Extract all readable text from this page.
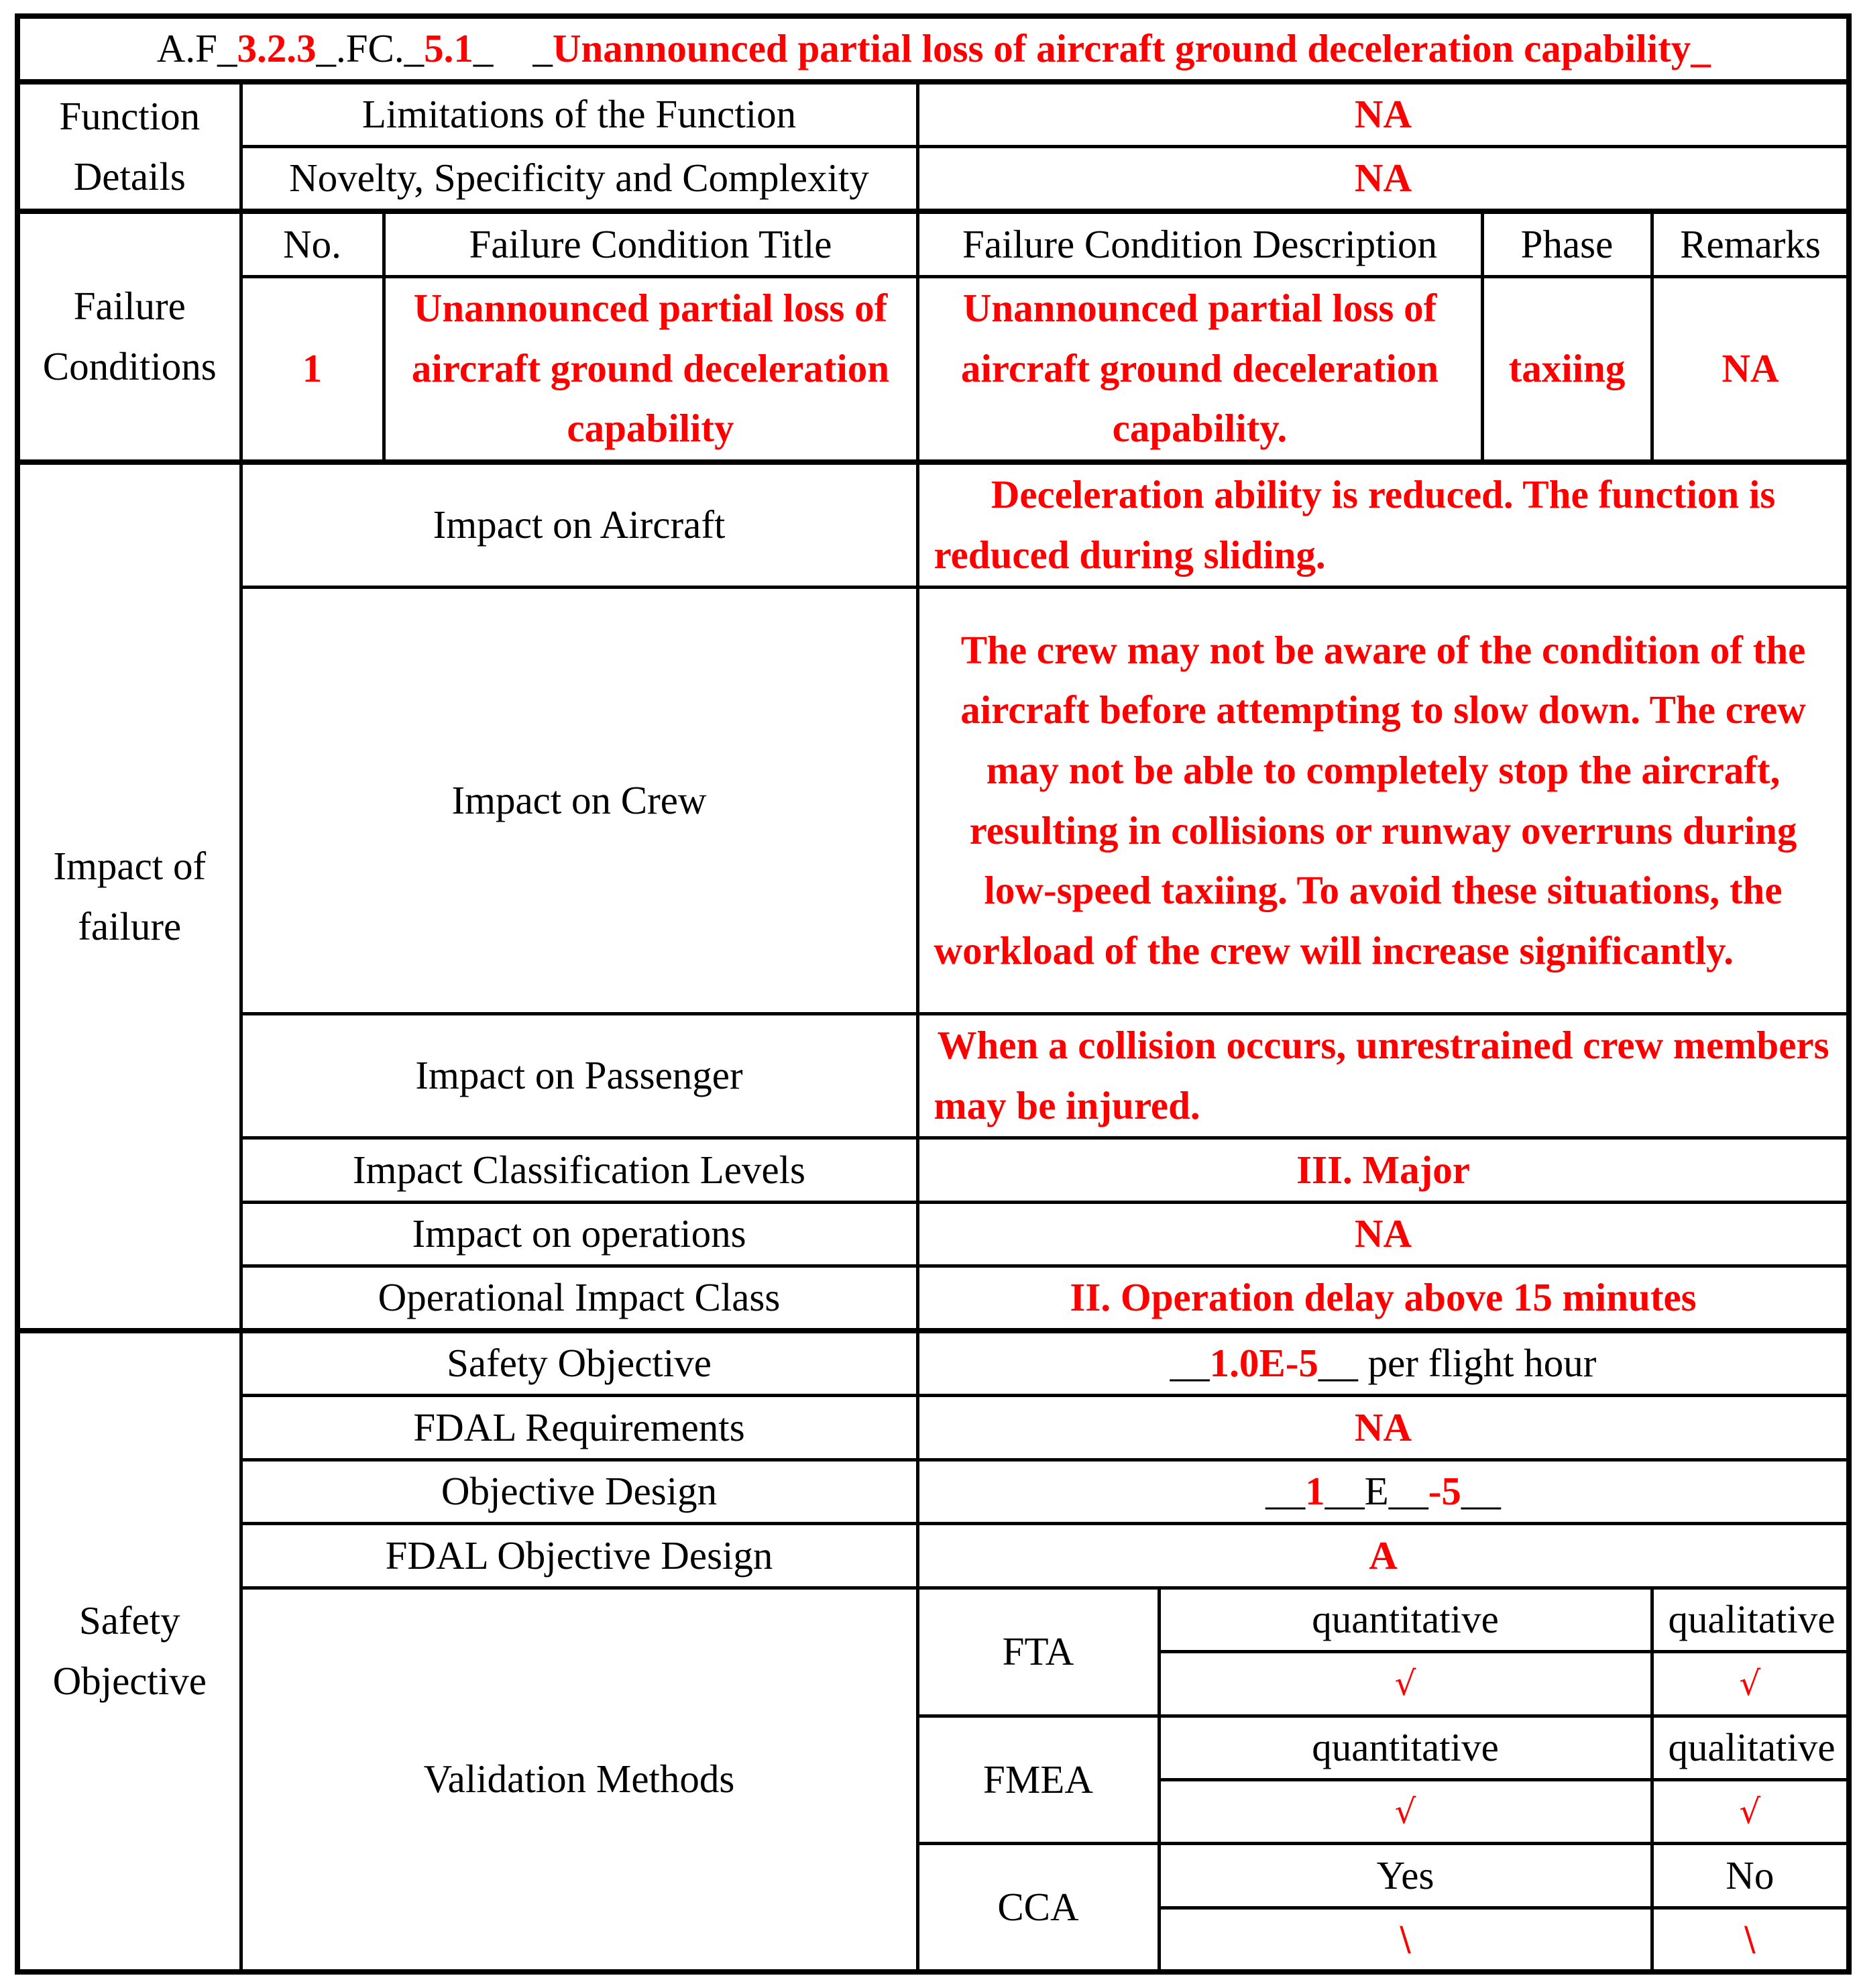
A.F_3.2.3_.FC._5.1_    _Unannounced partial loss of aircraft ground deceleration capability_						
Function Details	Limitations of the Function		NA			
	Novelty, Specificity and Complexity		NA			
Failure Conditions	No.	Failure Condition Title	Failure Condition Description		Phase	Remarks
	1	Unannounced partial loss of aircraft ground deceleration capability	Unannounced partial loss of aircraft ground deceleration capability.		taxiing	NA
Impact of failure	Impact on Aircraft		Deceleration ability is reduced. The function is reduced during sliding.			
	Impact on Crew		The crew may not be aware of the condition of the aircraft before attempting to slow down. The crew may not be able to completely stop the aircraft, resulting in collisions or runway overruns during low-speed taxiing. To avoid these situations, the workload of the crew will increase significantly.			
	Impact on Passenger		When a collision occurs, unrestrained crew members may be injured.			
	Impact Classification Levels		III. Major			
	Impact on operations		NA			
	Operational Impact Class		II. Operation delay above 15 minutes			
Safety Objective	Safety Objective		__1.0E-5__ per flight hour			
	FDAL Requirements		NA			
	Objective Design		__1__E__-5__			
	FDAL Objective Design		A			
	Validation Methods		FTA	quantitative		qualitative
				√		√
			FMEA	quantitative		qualitative
				√		√
			CCA	Yes		No
				\		\
